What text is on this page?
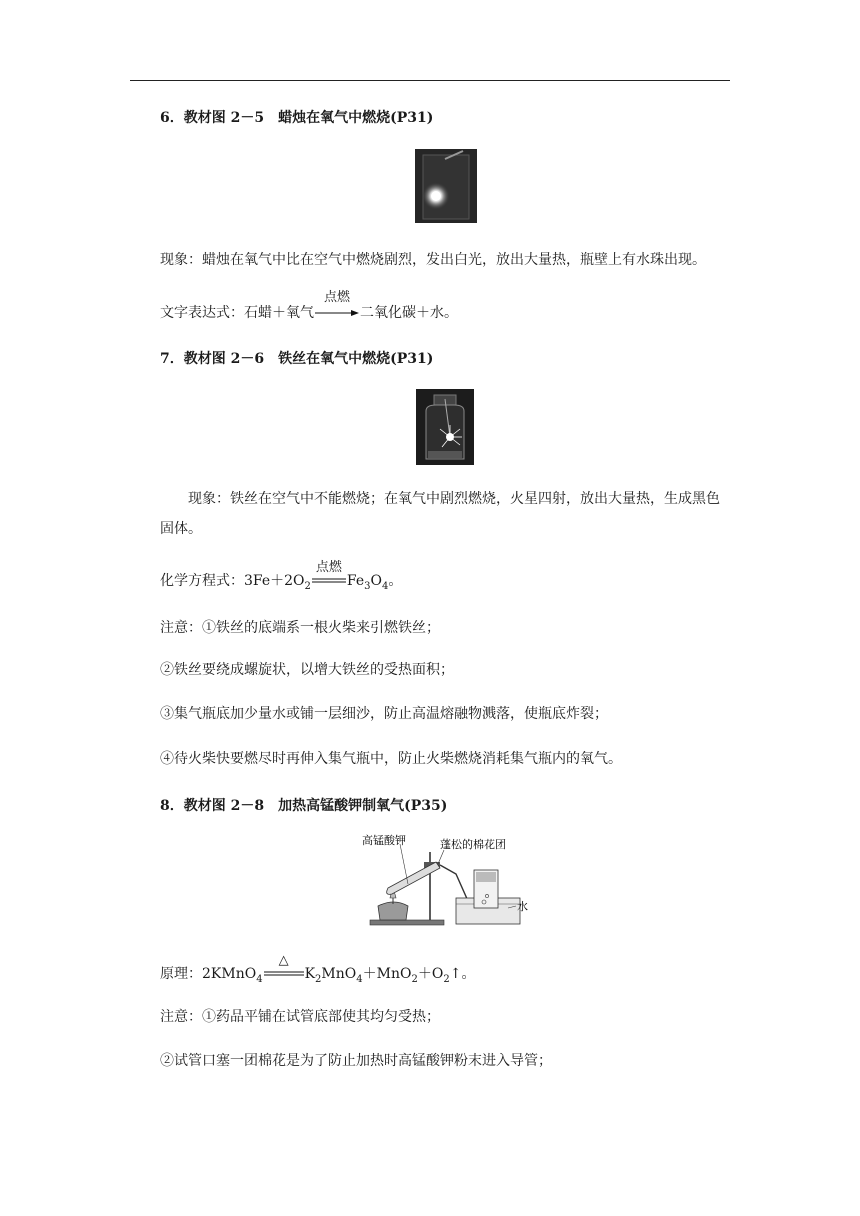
6．教材图 2－5　蜡烛在氧气中燃烧(P31)
现象：蜡烛在氧气中比在空气中燃烧剧烈，发出白光，放出大量热，瓶壁上有水珠出现。
文字表达式：石蜡＋氧气
点燃
二氧化碳＋水。
7．教材图 2－6　铁丝在氧气中燃烧(P31)
现象：铁丝在空气中不能燃烧；在氧气中剧烈燃烧，火星四射，放出大量热，生成黑色固体。
化学方程式：$3Fe+2O_2$
点燃
$Fe_3O_4$。
注意：①铁丝的底端系一根火柴来引燃铁丝；
②铁丝要绕成螺旋状，以增大铁丝的受热面积；
③集气瓶底加少量水或铺一层细沙，防止高温熔融物溅落，使瓶底炸裂；
④待火柴快要燃尽时再伸入集气瓶中，防止火柴燃烧消耗集气瓶内的氧气。
8．教材图 2－8　加热高锰酸钾制氧气(P35)
高锰酸钾	蓬松的棉花团
水
原理：2KMnO$_4$
△
$K_2MnO_4+MnO_2+O_2↑$。
注意：①药品平铺在试管底部使其均匀受热；
②试管口塞一团棉花是为了防止加热时高锰酸钾粉末进入导管；
